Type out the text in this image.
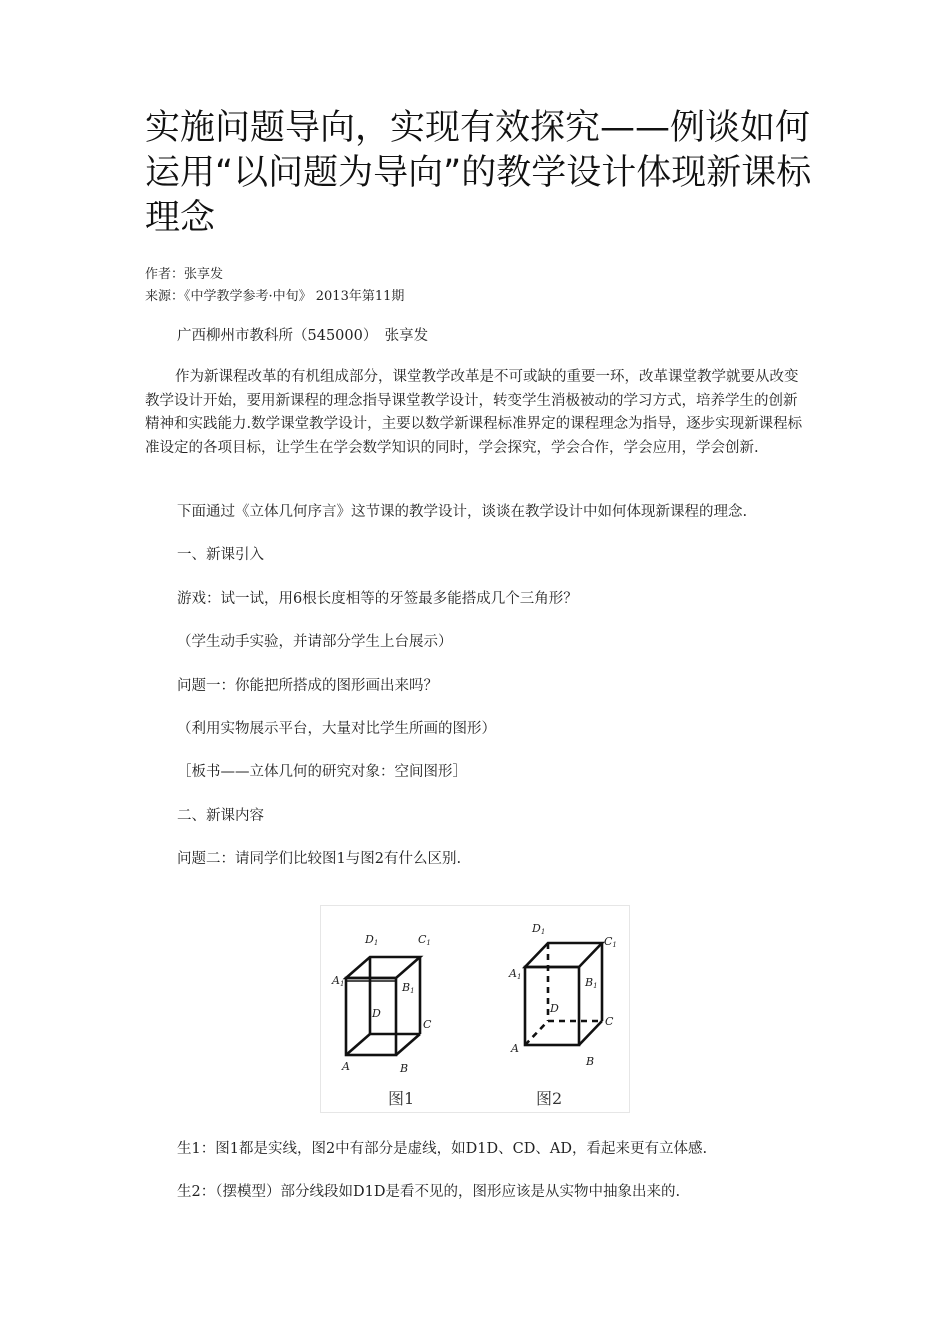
实施问题导向，实现有效探究——例谈如何运用“以问题为导向”的教学设计体现新课标理念
作者：张享发
来源：《中学教学参考·中旬》 2013年第11期
广西柳州市教科所（545000）　张享发
作为新课程改革的有机组成部分，课堂教学改革是不可或缺的重要一环，改革课堂教学就要从改变教学设计开始，要用新课程的理念指导课堂教学设计，转变学生消极被动的学习方式，培养学生的创新精神和实践能力.数学课堂教学设计，主要以数学新课程标准界定的课程理念为指导，逐步实现新课程标准设定的各项目标，让学生在学会数学知识的同时，学会探究，学会合作，学会应用，学会创新.
下面通过《立体几何序言》这节课的教学设计，谈谈在教学设计中如何体现新课程的理念.
一、新课引入
游戏：试一试，用6根长度相等的牙签最多能搭成几个三角形？
（学生动手实验，并请部分学生上台展示）
问题一：你能把所搭成的图形画出来吗？
（利用实物展示平台，大量对比学生所画的图形）
［板书——立体几何的研究对象：空间图形］
二、新课内容
问题二：请同学们比较图1与图2有什么区别.
D1	C1
A1	B1
D
C
A	B
D1
C1
A1	B1
D
C
A
B
图1	图2
生1：图1都是实线，图2中有部分是虚线，如D1D、CD、AD，看起来更有立体感.
生2：（摆模型）部分线段如D1D是看不见的，图形应该是从实物中抽象出来的.
